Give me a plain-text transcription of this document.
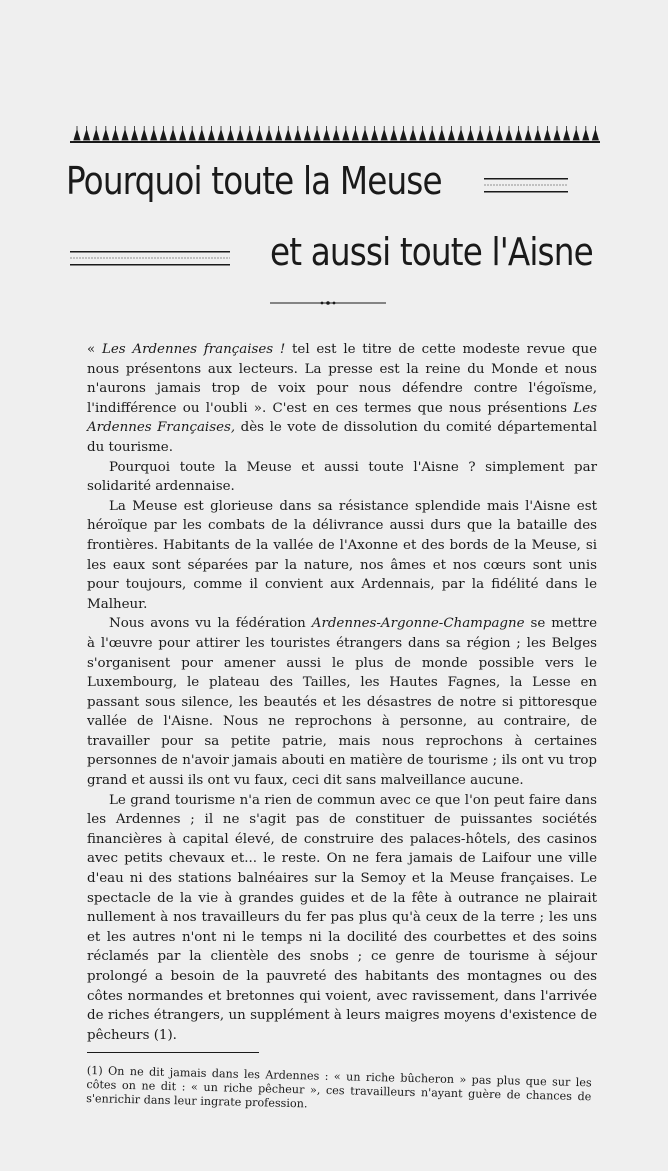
Pourquoi toute la Meuse
et aussi toute l'Aisne

« Les Ardennes françaises ! tel est le titre de cette modeste revue que nous présentons aux lecteurs. La presse est la reine du Monde et nous n'aurons jamais trop de voix pour nous défendre contre l'égoïsme, l'indifférence ou l'oubli ». C'est en ces termes que nous présentions Les Ardennes Françaises, dès le vote de dissolution du comité départemental du tourisme.

Pourquoi toute la Meuse et aussi toute l'Aisne ? simplement par solidarité ardennaise.

La Meuse est glorieuse dans sa résistance splendide mais l'Aisne est héroïque par les combats de la délivrance aussi durs que la bataille des frontières. Habitants de la vallée de l'Axonne et des bords de la Meuse, si les eaux sont séparées par la nature, nos âmes et nos cœurs sont unis pour toujours, comme il convient aux Ardennais, par la fidélité dans le Malheur.

Nous avons vu la fédération Ardennes-Argonne-Champagne se mettre à l'œuvre pour attirer les touristes étrangers dans sa région ; les Belges s'organisent pour amener aussi le plus de monde possible vers le Luxembourg, le plateau des Tailles, les Hautes Fagnes, la Lesse en passant sous silence, les beautés et les désastres de notre si pittoresque vallée de l'Aisne. Nous ne reprochons à personne, au contraire, de travailler pour sa petite patrie, mais nous reprochons à certaines personnes de n'avoir jamais abouti en matière de tourisme ; ils ont vu trop grand et aussi ils ont vu faux, ceci dit sans malveillance aucune.

Le grand tourisme n'a rien de commun avec ce que l'on peut faire dans les Ardennes ; il ne s'agit pas de constituer de puissantes sociétés financières à capital élevé, de construire des palaces-hôtels, des casinos avec petits chevaux et... le reste. On ne fera jamais de Laifour une ville d'eau ni des stations balnéaires sur la Semoy et la Meuse françaises. Le spectacle de la vie à grandes guides et de la fête à outrance ne plairait nullement à nos travailleurs du fer pas plus qu'à ceux de la terre ; les uns et les autres n'ont ni le temps ni la docilité des courbettes et des soins réclamés par la clientèle des snobs ; ce genre de tourisme à séjour prolongé a besoin de la pauvreté des habitants des montagnes ou des côtes normandes et bretonnes qui voient, avec ravissement, dans l'arrivée de riches étrangers, un supplément à leurs maigres moyens d'existence de pêcheurs (1).

(1) On ne dit jamais dans les Ardennes : « un riche bûcheron » pas plus que sur les côtes on ne dit : « un riche pêcheur », ces travailleurs n'ayant guère de chances de s'enrichir dans leur ingrate profession.
